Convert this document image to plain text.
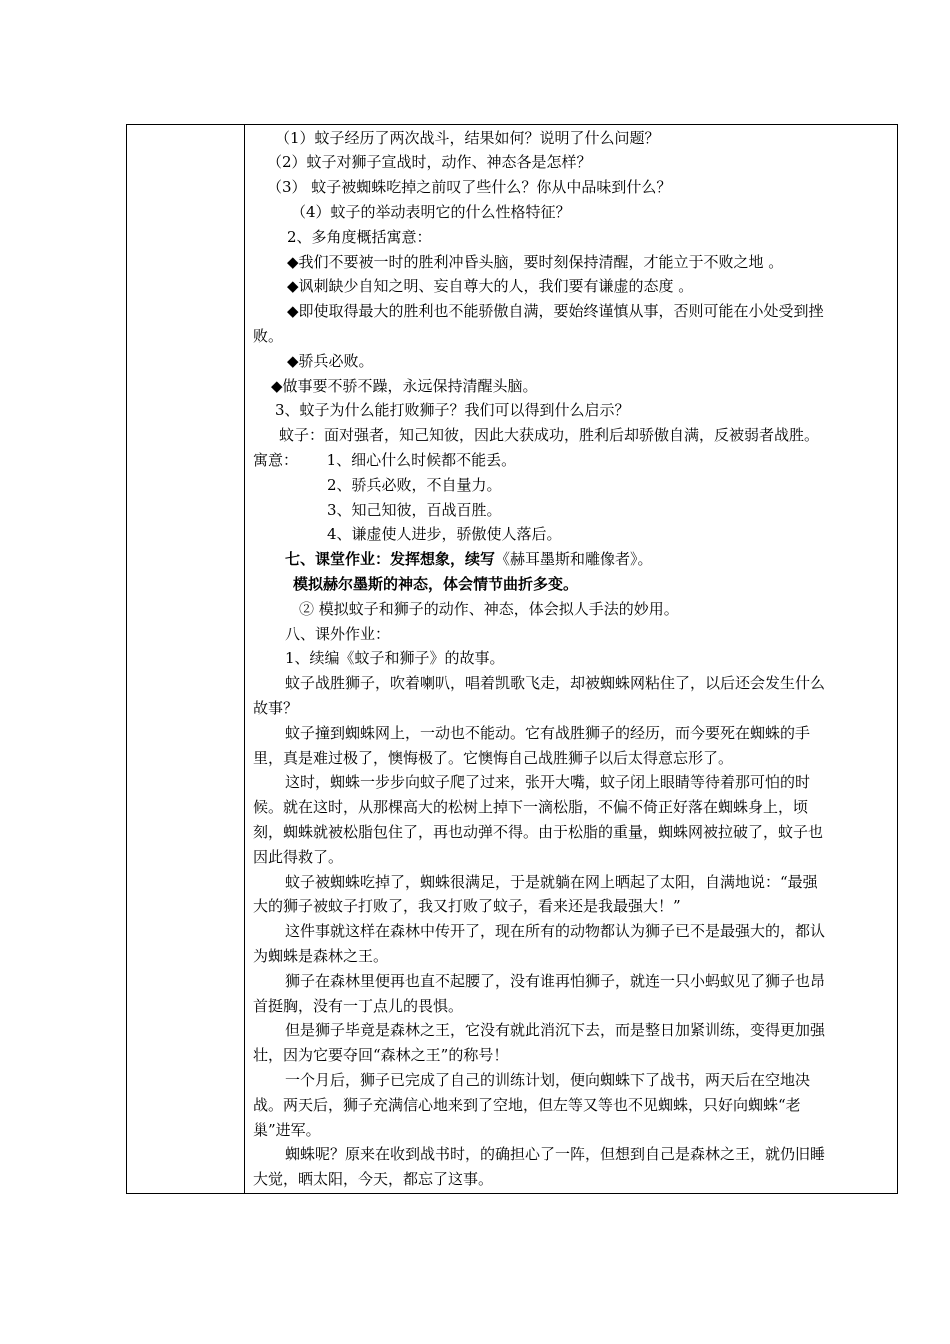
（1）蚊子经历了两次战斗，结果如何？说明了什么问题？
（2）蚊子对狮子宣战时，动作、神态各是怎样？
（3） 蚊子被蜘蛛吃掉之前叹了些什么？你从中品味到什么？
（4）蚊子的举动表明它的什么性格特征？
2、多角度概括寓意：
◆我们不要被一时的胜利冲昏头脑，要时刻保持清醒，才能立于不败之地 。
◆讽刺缺少自知之明、妄自尊大的人，我们要有谦虚的态度 。
◆即使取得最大的胜利也不能骄傲自满，要始终谨慎从事，否则可能在小处受到挫
败。
◆骄兵必败。
◆做事要不骄不躁，永远保持清醒头脑。
3、蚊子为什么能打败狮子？我们可以得到什么启示？
蚊子：面对强者，知己知彼，因此大获成功，胜利后却骄傲自满，反被弱者战胜。
寓意：      1、细心什么时候都不能丢。
2、骄兵必败，不自量力。
3、知己知彼，百战百胜。
4、谦虚使人进步，骄傲使人落后。
七、课堂作业：发挥想象，续写《赫耳墨斯和雕像者》。
模拟赫尔墨斯的神态，体会情节曲折多变。
② 模拟蚊子和狮子的动作、神态，体会拟人手法的妙用。
八、课外作业：
1、续编《蚊子和狮子》的故事。
蚊子战胜狮子，吹着喇叭，唱着凯歌飞走，却被蜘蛛网粘住了，以后还会发生什么
故事？
蚊子撞到蜘蛛网上，一动也不能动。它有战胜狮子的经历，而今要死在蜘蛛的手
里，真是难过极了，懊悔极了。它懊悔自己战胜狮子以后太得意忘形了。
这时，蜘蛛一步步向蚊子爬了过来，张开大嘴，蚊子闭上眼睛等待着那可怕的时
候。就在这时，从那棵高大的松树上掉下一滴松脂，不偏不倚正好落在蜘蛛身上，顷
刻，蜘蛛就被松脂包住了，再也动弹不得。由于松脂的重量，蜘蛛网被拉破了，蚊子也
因此得救了。
蚊子被蜘蛛吃掉了，蜘蛛很满足，于是就躺在网上晒起了太阳，自满地说：“最强
大的狮子被蚊子打败了，我又打败了蚊子，看来还是我最强大！”
这件事就这样在森林中传开了，现在所有的动物都认为狮子已不是最强大的，都认
为蜘蛛是森林之王。
狮子在森林里便再也直不起腰了，没有谁再怕狮子，就连一只小蚂蚁见了狮子也昂
首挺胸，没有一丁点儿的畏惧。
但是狮子毕竟是森林之王，它没有就此消沉下去，而是整日加紧训练，变得更加强
壮，因为它要夺回“森林之王”的称号！
一个月后，狮子已完成了自己的训练计划，便向蜘蛛下了战书，两天后在空地决
战。两天后，狮子充满信心地来到了空地，但左等又等也不见蜘蛛，只好向蜘蛛“老
巢”进军。
蜘蛛呢？原来在收到战书时，的确担心了一阵，但想到自己是森林之王，就仍旧睡
大觉，晒太阳，今天，都忘了这事。
